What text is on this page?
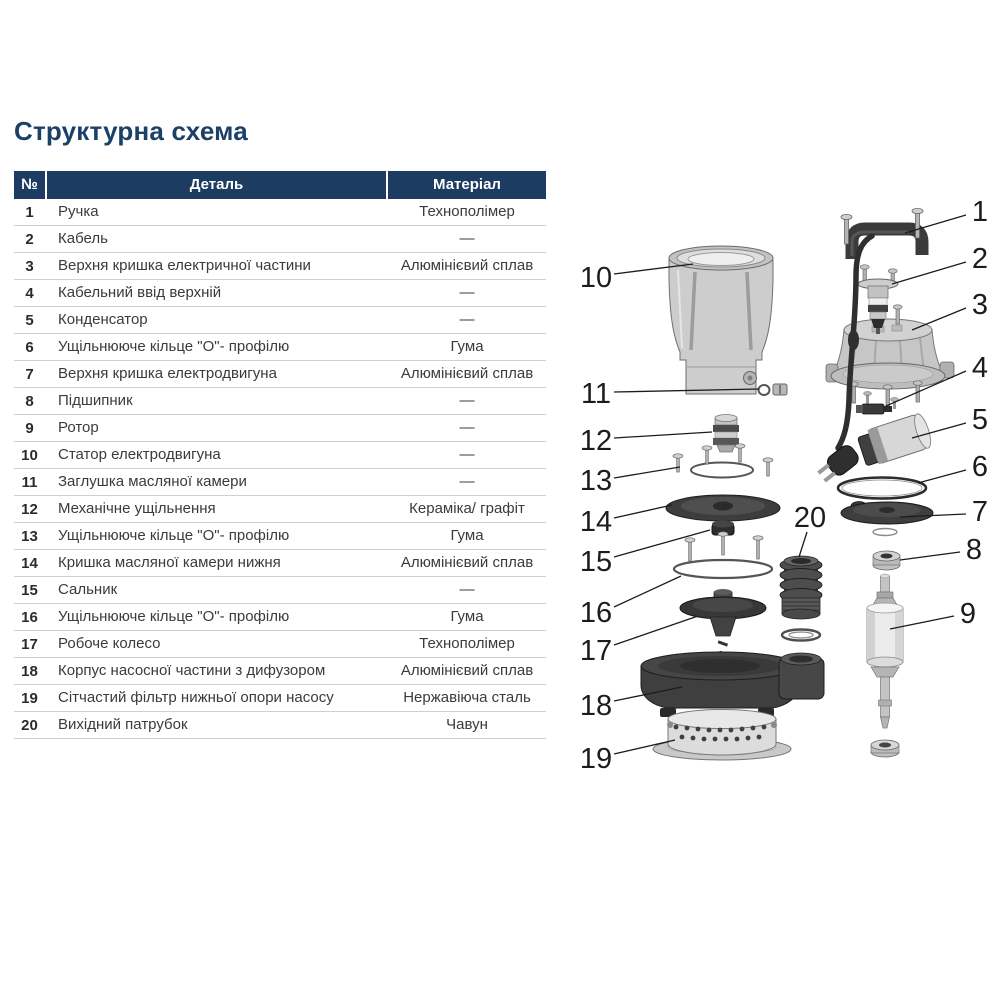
Структурна схема
№	Деталь	Матеріал
1	Ручка	Технополімер
2	Кабель	—
3	Верхня кришка електричної частини	Алюмінієвий сплав
4	Кабельний ввід верхній	—
5	Конденсатор	—
6	Ущільнююче кільце "О"- профілю	Гума
7	Верхня кришка електродвигуна	Алюмінієвий сплав
8	Підшипник	—
9	Ротор	—
10	Статор електродвигуна	—
11	Заглушка масляної камери	—
12	Механічне ущільнення	Кераміка/ графіт
13	Ущільнююче кільце "О"- профілю	Гума
14	Кришка масляної камери нижня	Алюмінієвий сплав
15	Сальник	—
16	Ущільнююче кільце "О"- профілю	Гума
17	Робоче колесо	Технополімер
18	Корпус насосної частини з дифузором	Алюмінієвий сплав
19	Сітчастий фільтр нижньої опори насосу	Нержавіюча сталь
20	Вихідний патрубок	Чавун
1
2
3
4
5
6
7
8
9
10
11
12
13
14
15
16
17
18
19
20
